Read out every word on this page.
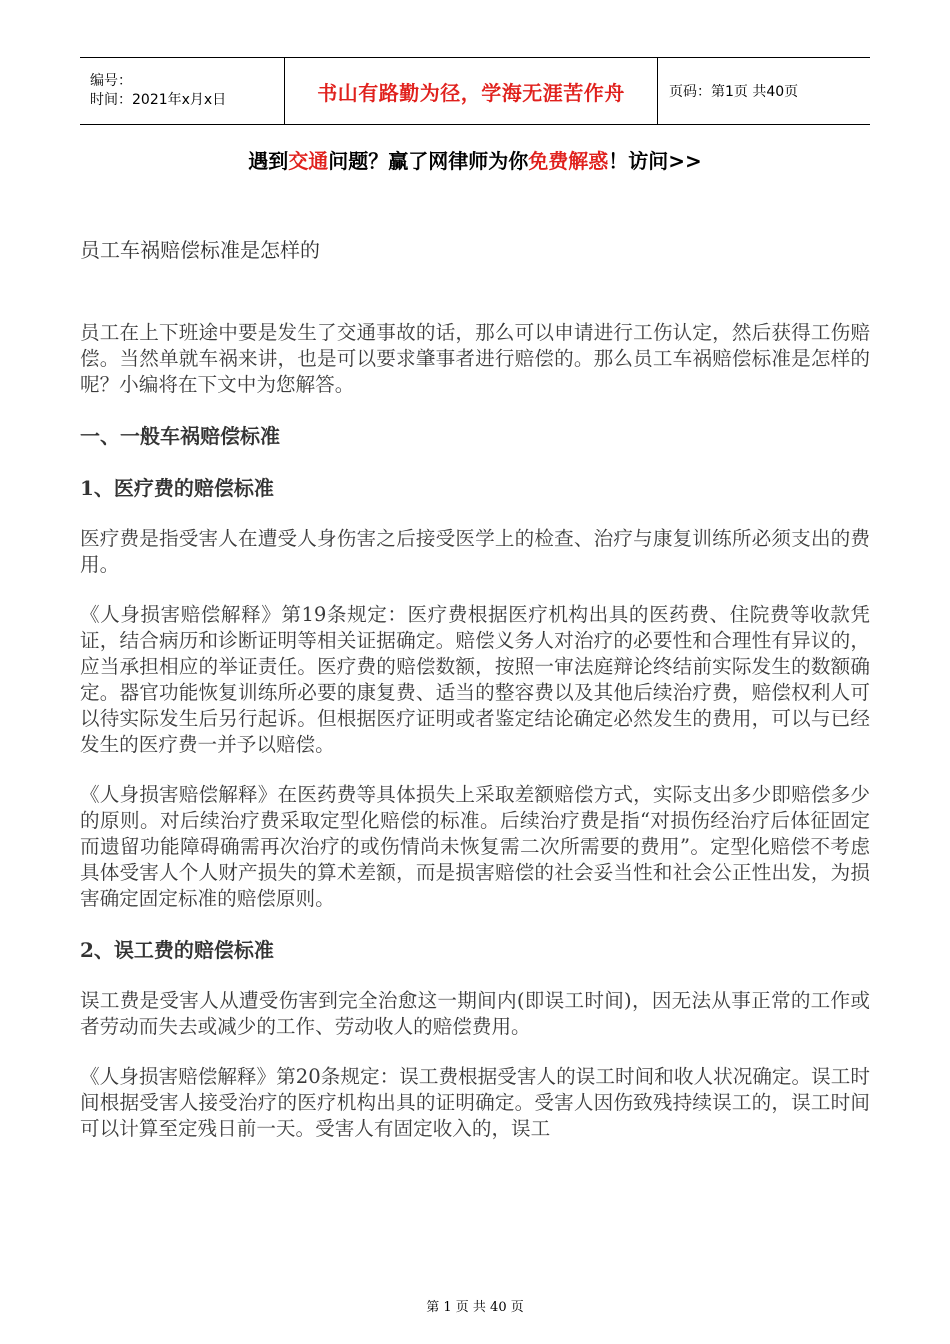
编号：
时间：2021年x月x日	书山有路勤为径，学海无涯苦作舟	页码：第1页 共40页
遇到交通问题？赢了网律师为你免费解惑！访问>>
员工车祸赔偿标准是怎样的

员工在上下班途中要是发生了交通事故的话，那么可以申请进行工伤认定，然后获得工伤赔偿。当然单就车祸来讲，也是可以要求肇事者进行赔偿的。那么员工车祸赔偿标准是怎样的呢？小编将在下文中为您解答。

一、一般车祸赔偿标准
1、医疗费的赔偿标准

医疗费是指受害人在遭受人身伤害之后接受医学上的检查、治疗与康复训练所必须支出的费用。

《人身损害赔偿解释》第19条规定：医疗费根据医疗机构出具的医药费、住院费等收款凭证，结合病历和诊断证明等相关证据确定。赔偿义务人对治疗的必要性和合理性有异议的，应当承担相应的举证责任。医疗费的赔偿数额，按照一审法庭辩论终结前实际发生的数额确定。器官功能恢复训练所必要的康复费、适当的整容费以及其他后续治疗费，赔偿权利人可以待实际发生后另行起诉。但根据医疗证明或者鉴定结论确定必然发生的费用，可以与已经发生的医疗费一并予以赔偿。

《人身损害赔偿解释》在医药费等具体损失上采取差额赔偿方式，实际支出多少即赔偿多少的原则。对后续治疗费采取定型化赔偿的标准。后续治疗费是指“对损伤经治疗后体征固定而遗留功能障碍确需再次治疗的或伤情尚未恢复需二次所需要的费用”。定型化赔偿不考虑具体受害人个人财产损失的算术差额，而是损害赔偿的社会妥当性和社会公正性出发，为损害确定固定标准的赔偿原则。

2、误工费的赔偿标准

误工费是受害人从遭受伤害到完全治愈这一期间内(即误工时间)，因无法从事正常的工作或者劳动而失去或减少的工作、劳动收人的赔偿费用。

《人身损害赔偿解释》第20条规定：误工费根据受害人的误工时间和收人状况确定。误工时间根据受害人接受治疗的医疗机构出具的证明确定。受害人因伤致残持续误工的，误工时间可以计算至定残日前一天。受害人有固定收入的，误工

第 1 页 共 40 页
